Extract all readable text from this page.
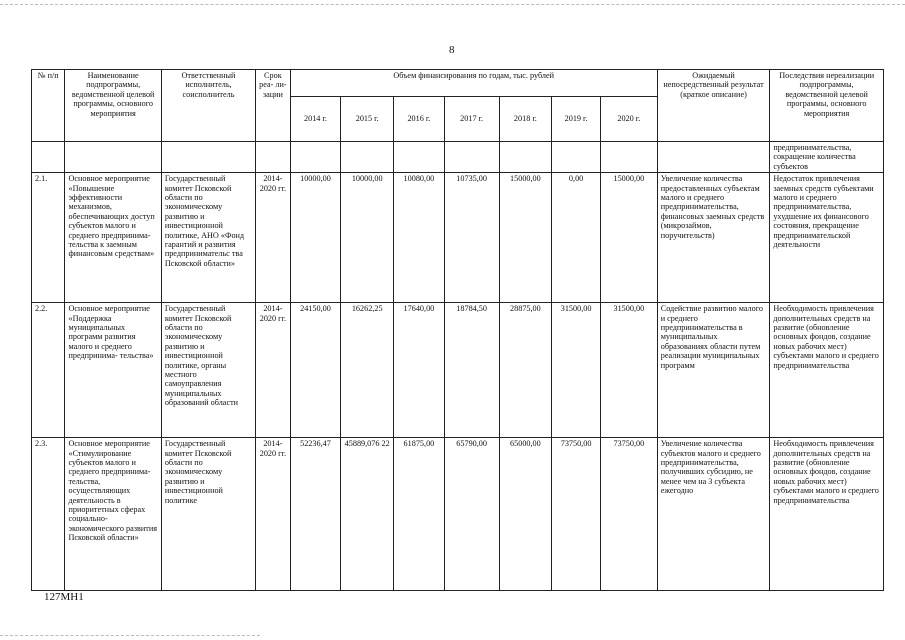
8
№ п/п	Наименование подпрограммы, ведомственной целевой программы, основного мероприятия	Ответственный исполнитель, соисполнитель	Срок реа- ли- зации	Объем финансирования по годам, тыс. рублей							Ожидаемый непосредственный результат (краткое описание)	Последствия нереализации подпрограммы, ведомственной целевой программы, основного мероприятия
				2014 г.	2015 г.	2016 г.	2017 г.	2018 г.	2019 г.	2020 г.		
												предпринимательства, сокращение количества субъектов
2.1.	Основное мероприятие «Повышение эффективности механизмов, обеспечивающих доступ субъектов малого и среднего предпринима- тельства к заемным финансовым средствам»	Государственный комитет Псковской области по экономическому развитию и инвестиционной политике, АНО «Фонд гарантий и развития предпринимательс тва Псковской области»	2014- 2020 гг.	10000,00	10000,00	10080,00	10735,00	15000,00	0,00	15000,00	Увеличение количества предоставленных субъектам малого и среднего предпринимательства, финансовых заемных средств (микрозаймов, поручительств)	Недостаток привлечения заемных средств субъектами малого и среднего предпринимательства, ухудшение их финансового состояния, прекращение предпринимательской деятельности
2.2.	Основное мероприятие «Поддержка муниципальных программ развития малого и среднего предпринима- тельства»	Государственный комитет Псковской области по экономическому развитию и инвестиционной политике, органы местного самоуправления муниципальных образований области	2014- 2020 гг.	24150,00	16262,25	17640,00	18784,50	28875,00	31500,00	31500,00	Содействие развитию малого и среднего предпринимательства в муниципальных образованиях области путем реализации муниципальных программ	Необходимость привлечения дополнительных средств на развитие (обновление основных фондов, создание новых рабочих мест) субъектами малого и среднего предпринимательства
2.3.	Основное мероприятие «Стимулирование субъектов малого и среднего предпринима- тельства, осуществляющих деятельность в приоритетных сферах социально- экономического развития Псковской области»	Государственный комитет Псковской области по экономическому развитию и инвестиционной политике	2014- 2020 гг.	52236,47	45889,076 22	61875,00	65790,00	65000,00	73750,00	73750,00	Увеличение количества субъектов малого и среднего предпринимательства, получивших субсидию, не менее чем на 3 субъекта ежегодно	Необходимость привлечения дополнительных средств на развитие (обновление основных фондов, создание новых рабочих мест) субъектами малого и среднего предпринимательства
127МН1
